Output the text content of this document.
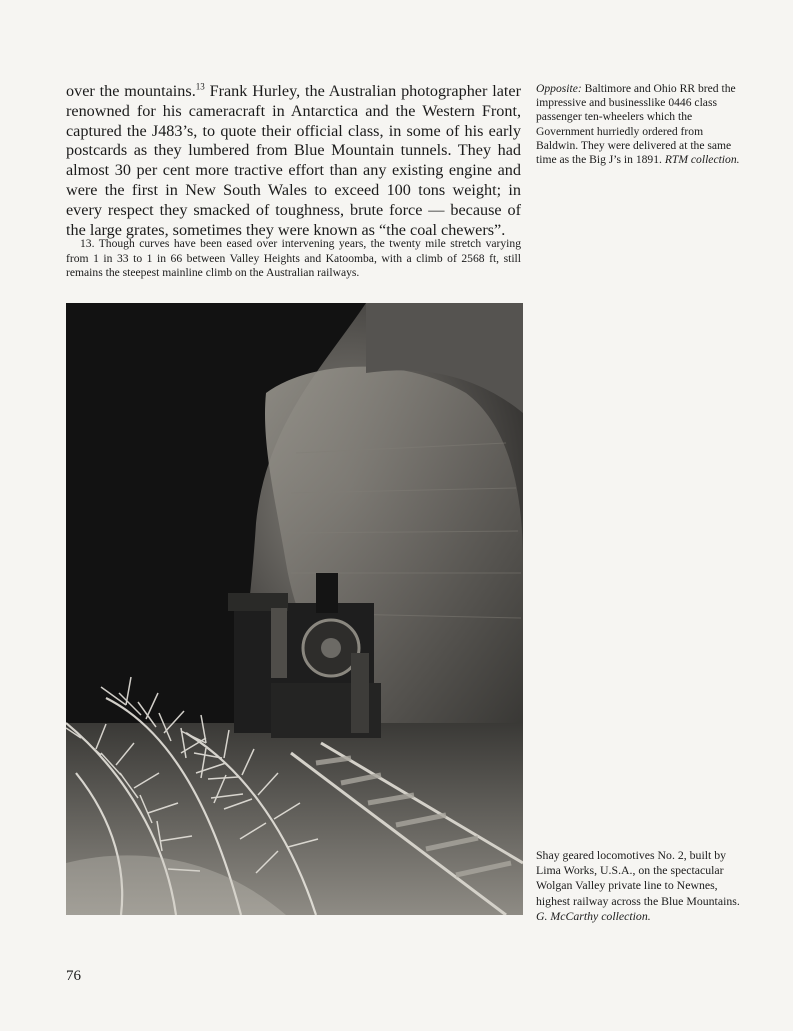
over the mountains.$^{13}$ Frank Hurley, the Australian photographer later renowned for his cameracraft in Antarctica and the Western Front, captured the J483’s, to quote their official class, in some of his early postcards as they lumbered from Blue Mountain tunnels. They had almost 30 per cent more tractive effort than any existing engine and were the first in New South Wales to exceed 100 tons weight; in every respect they smacked of toughness, brute force — because of the large grates, sometimes they were known as “the coal chewers”.

Opposite: Baltimore and Ohio RR bred the impressive and businesslike 0446 class passenger ten-wheelers which the Government hurriedly ordered from Baldwin. They were delivered at the same time as the Big J’s in 1891. RTM collection.

13. Though curves have been eased over intervening years, the twenty mile stretch varying from 1 in 33 to 1 in 66 between Valley Heights and Katoomba, with a climb of 2568 ft, still remains the steepest mainline climb on the Australian railways.

Shay geared locomotives No. 2, built by Lima Works, U.S.A., on the spectacular Wolgan Valley private line to Newnes, highest railway across the Blue Mountains. G. McCarthy collection.

76
